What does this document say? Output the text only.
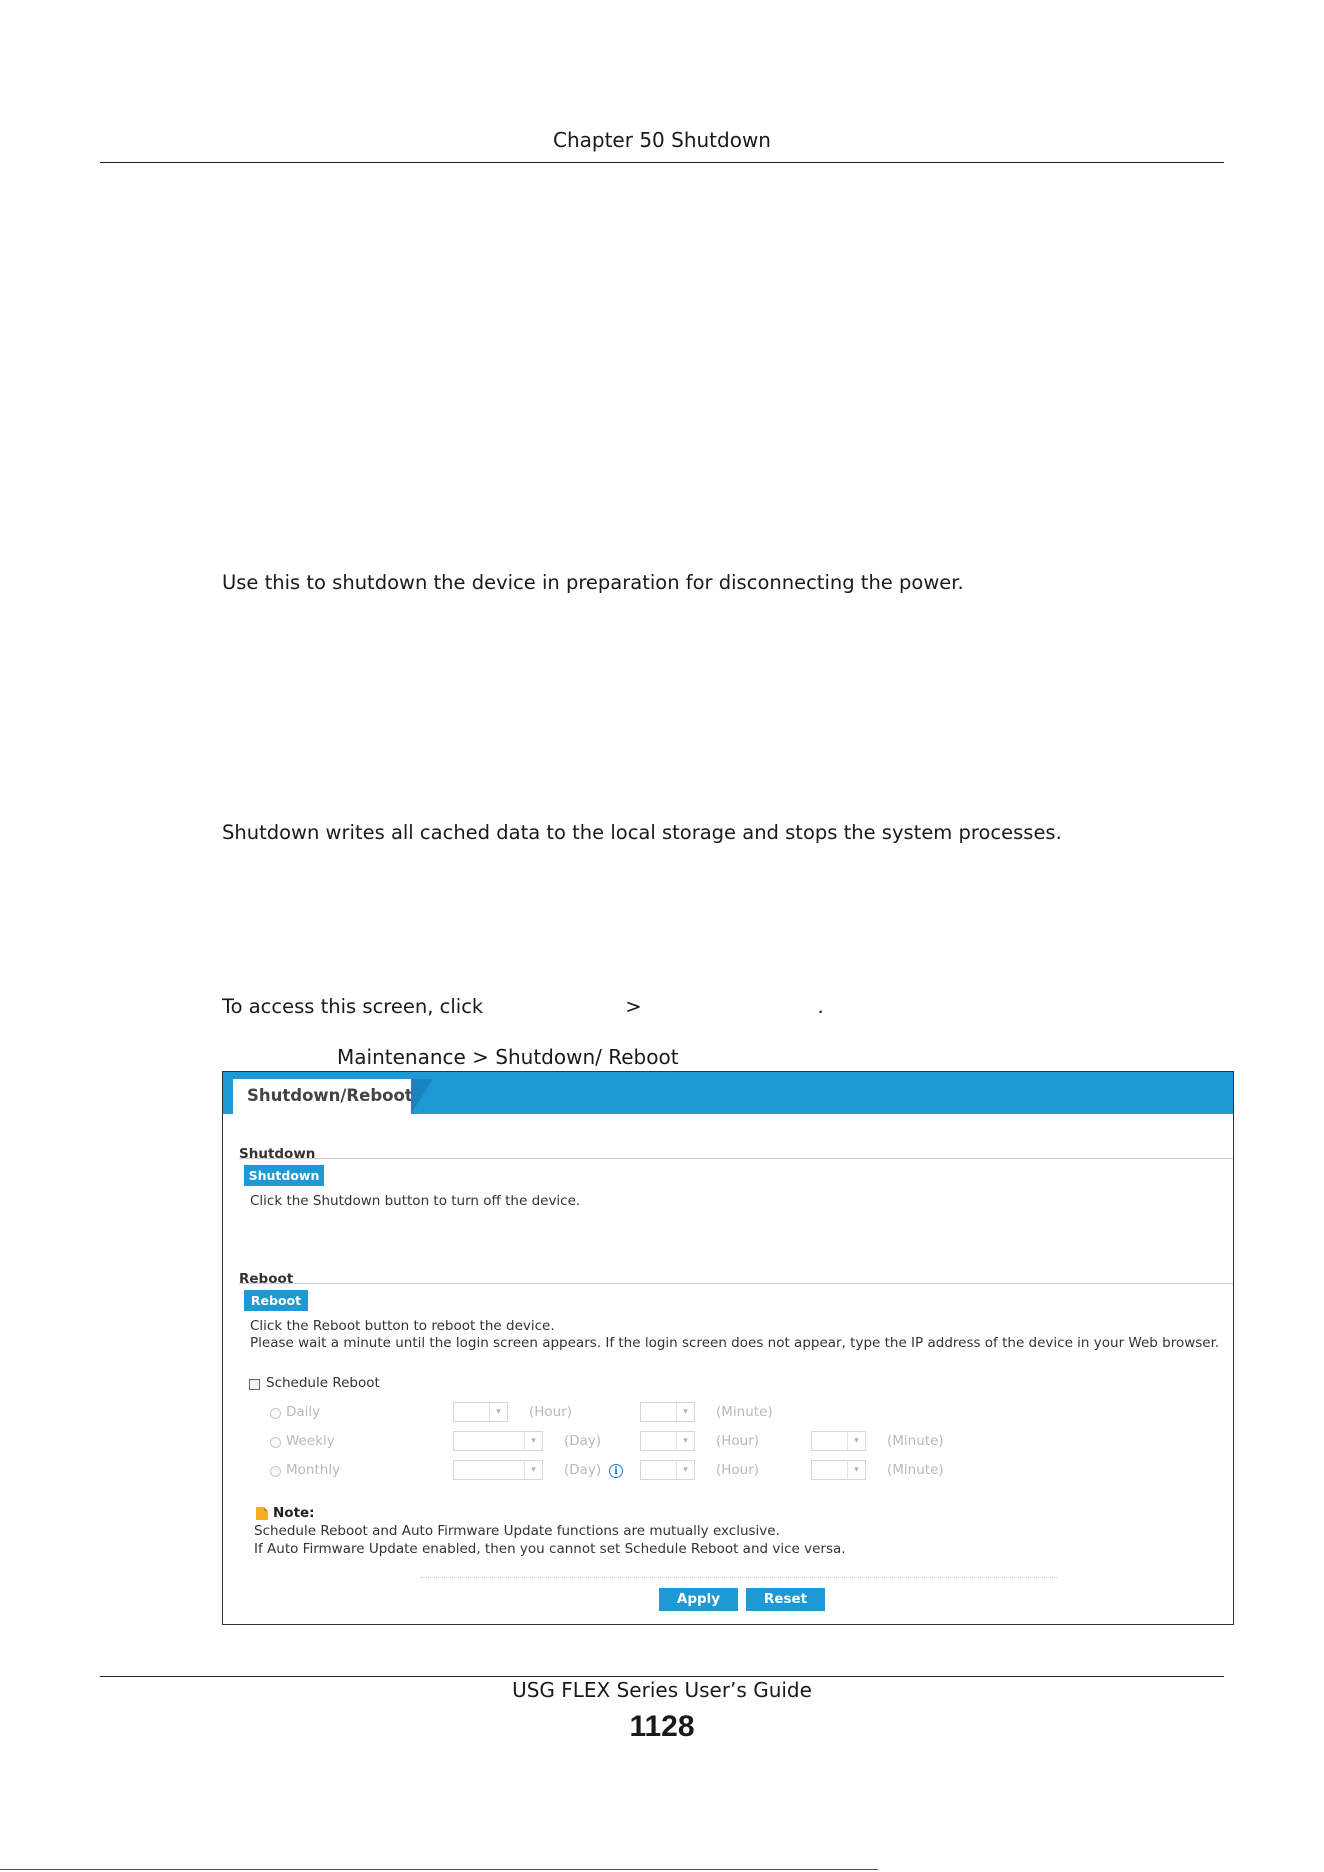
Chapter 50 Shutdown
Use this to shutdown the device in preparation for disconnecting the power.
Shutdown writes all cached data to the local storage and stops the system processes.
To access this screen, click	>	.
Maintenance > Shutdown/ Reboot
Shutdown/Reboot
Shutdown
Shutdown
Click the Shutdown button to turn off the device.
Reboot
Reboot
Click the Reboot button to reboot the device.
Please wait a minute until the login screen appears. If the login screen does not appear, type the IP address of the device in your Web browser.
Schedule Reboot
Daily	▾	(Hour)	▾	(Minute)
Weekly	▾	(Day)	▾	(Hour)	▾	(Minute)
Monthly	▾	(Day)	i	▾	(Hour)	▾	(Minute)
Note:
Schedule Reboot and Auto Firmware Update functions are mutually exclusive.
If Auto Firmware Update enabled, then you cannot set Schedule Reboot and vice versa.
Apply	Reset
USG FLEX Series User’s Guide
1128
